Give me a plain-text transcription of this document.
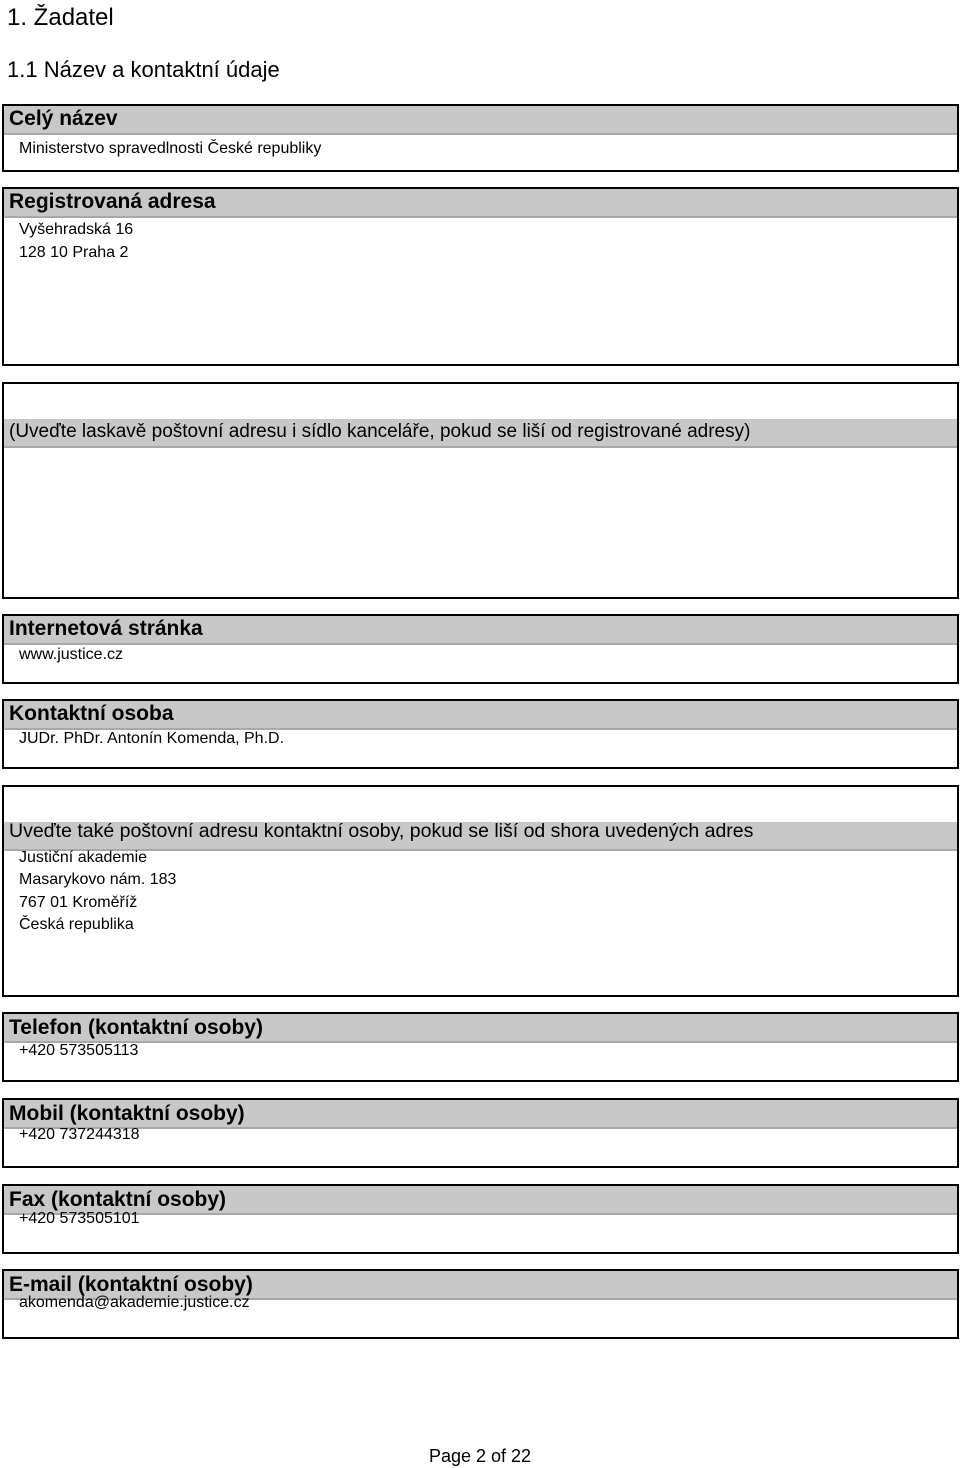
1. Žadatel
1.1 Název a kontaktní údaje
Celý název
Ministerstvo spravedlnosti České republiky
Registrovaná adresa
Vyšehradská 16
128 10 Praha 2
(Uveďte laskavě poštovní adresu i sídlo kanceláře, pokud se liší od registrované adresy)
Internetová stránka
www.justice.cz
Kontaktní osoba
JUDr. PhDr. Antonín Komenda, Ph.D.
Uveďte také poštovní adresu kontaktní osoby, pokud se liší od shora uvedených adres
Justiční akademie
Masarykovo nám. 183
767 01 Kroměříž
Česká republika
Telefon (kontaktní osoby)
+420 573505113
Mobil (kontaktní osoby)
+420 737244318
Fax (kontaktní osoby)
+420 573505101
E-mail (kontaktní osoby)
akomenda@akademie.justice.cz
Page 2 of 22
